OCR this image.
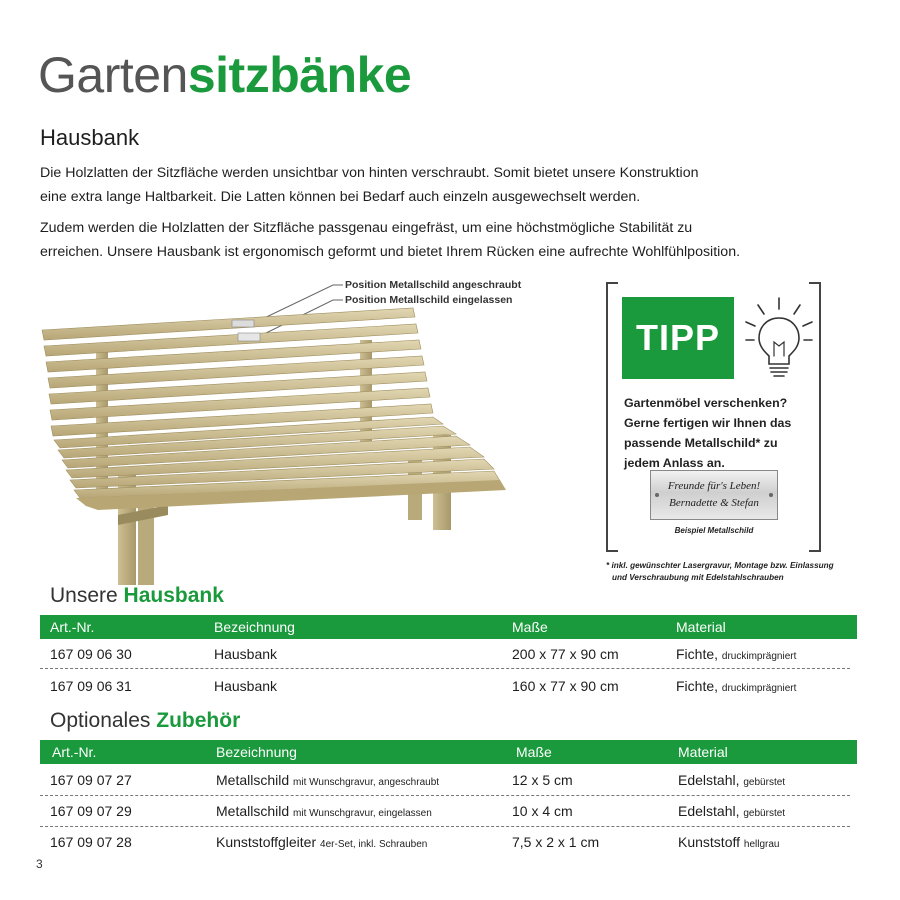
Gartensitzbänke
Hausbank
Die Holzlatten der Sitzfläche werden unsichtbar von hinten verschraubt. Somit bietet unsere Konstruktion
eine extra lange Haltbarkeit. Die Latten können bei Bedarf auch einzeln ausgewechselt werden.
Zudem werden die Holzlatten der Sitzfläche passgenau eingefräst, um eine höchstmögliche Stabilität zu
erreichen. Unsere Hausbank ist ergonomisch geformt und bietet Ihrem Rücken eine aufrechte Wohlfühlposition.
Position Metallschild angeschraubt
Position Metallschild eingelassen
TIPP
Gartenmöbel verschenken?
Gerne fertigen wir Ihnen das
passende Metallschild* zu
jedem Anlass an.
Freunde für's Leben!
Bernadette & Stefan
Beispiel Metallschild
* inkl. gewünschter Lasergravur, Montage bzw. Einlassung
und Verschraubung mit Edelstahlschrauben
Unsere Hausbank
Art.-Nr.	Bezeichnung	Maße	Material
167 09 06 30	Hausbank	200 x 77 x 90 cm	Fichte, druckimprägniert
167 09 06 31	Hausbank	160 x 77 x 90 cm	Fichte, druckimprägniert
Optionales Zubehör
Art.-Nr.	Bezeichnung	Maße	Material
167 09 07 27	Metallschild mit Wunschgravur, angeschraubt	12 x 5 cm	Edelstahl, gebürstet
167 09 07 29	Metallschild mit Wunschgravur, eingelassen	10 x 4 cm	Edelstahl, gebürstet
167 09 07 28	Kunststoffgleiter 4er-Set, inkl. Schrauben	7,5 x 2 x 1 cm	Kunststoff hellgrau
3
